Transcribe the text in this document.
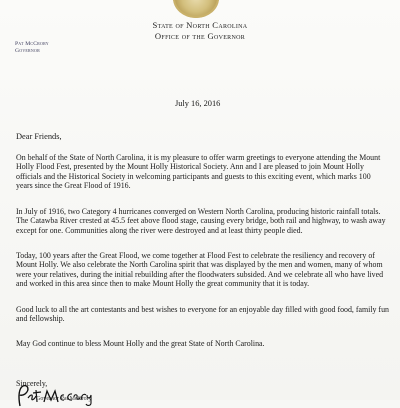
State of North Carolina
Office of the Governor
Pat McCrory
Governor
July 16, 2016
Dear Friends,

On behalf of the State of North Carolina, it is my pleasure to offer warm greetings to everyone attending the Mount Holly Flood Fest, presented by the Mount Holly Historical Society. Ann and I are pleased to join Mount Holly officials and the Historical Society in welcoming participants and guests to this exciting event, which marks 100 years since the Great Flood of 1916.

In July of 1916, two Category 4 hurricanes converged on Western North Carolina, producing historic rainfall totals. The Catawba River crested at 45.5 feet above flood stage, causing every bridge, both rail and highway, to wash away except for one. Communities along the river were destroyed and at least thirty people died.

Today, 100 years after the Great Flood, we come together at Flood Fest to celebrate the resiliency and recovery of Mount Holly. We also celebrate the North Carolina spirit that was displayed by the men and women, many of whom were your relatives, during the initial rebuilding after the floodwaters subsided. And we celebrate all who have lived and worked in this area since then to make Mount Holly the great community that it is today.

Good luck to all the art contestants and best wishes to everyone for an enjoyable day filled with good food, family fun and fellowship.

May God continue to bless Mount Holly and the great State of North Carolina.

Sincerely,
Governor Pat McCrory
